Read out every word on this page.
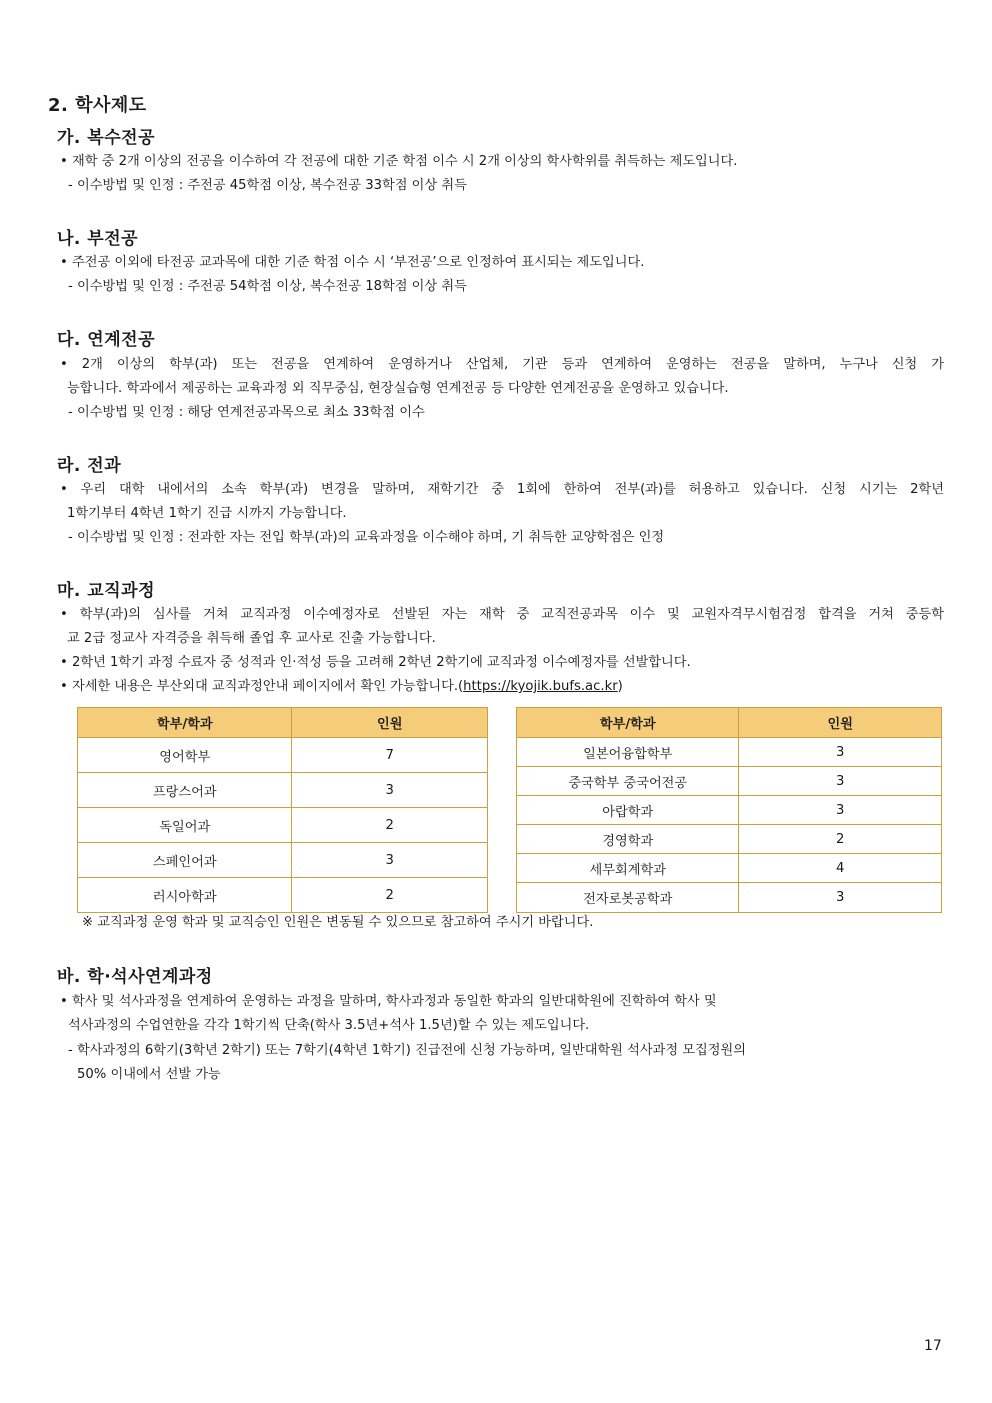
2. 학사제도
가. 복수전공
• 재학 중 2개 이상의 전공을 이수하여 각 전공에 대한 기준 학점 이수 시 2개 이상의 학사학위를 취득하는 제도입니다.
- 이수방법 및 인정 : 주전공 45학점 이상, 복수전공 33학점 이상 취득
나. 부전공
• 주전공 이외에 타전공 교과목에 대한 기준 학점 이수 시 ‘부전공’으로 인정하여 표시되는 제도입니다.
- 이수방법 및 인정 : 주전공 54학점 이상, 복수전공 18학점 이상 취득
다. 연계전공
• 2개 이상의 학부(과) 또는 전공을 연계하여 운영하거나 산업체, 기관 등과 연계하여 운영하는 전공을 말하며, 누구나 신청 가
능합니다. 학과에서 제공하는 교육과정 외 직무중심, 현장실습형 연계전공 등 다양한 연계전공을 운영하고 있습니다.
- 이수방법 및 인정 : 해당 연계전공과목으로 최소 33학점 이수
라. 전과
• 우리 대학 내에서의 소속 학부(과) 변경을 말하며, 재학기간 중 1회에 한하여 전부(과)를 허용하고 있습니다. 신청 시기는 2학년
1학기부터 4학년 1학기 진급 시까지 가능합니다.
- 이수방법 및 인정 : 전과한 자는 전입 학부(과)의 교육과정을 이수해야 하며, 기 취득한 교양학점은 인정
마. 교직과정
• 학부(과)의 심사를 거쳐 교직과정 이수예정자로 선발된 자는 재학 중 교직전공과목 이수 및 교원자격무시험검정 합격을 거쳐 중등학
교 2급 정교사 자격증을 취득해 졸업 후 교사로 진출 가능합니다.
• 2학년 1학기 과정 수료자 중 성적과 인·적성 등을 고려해 2학년 2학기에 교직과정 이수예정자를 선발합니다.
• 자세한 내용은 부산외대 교직과정안내 페이지에서 확인 가능합니다.(https://kyojik.bufs.ac.kr)
학부/학과	인원
영어학부	7
프랑스어과	3
독일어과	2
스페인어과	3
러시아학과	2
학부/학과	인원
일본어융합학부	3
중국학부 중국어전공	3
아랍학과	3
경영학과	2
세무회계학과	4
전자로봇공학과	3
※ 교직과정 운영 학과 및 교직승인 인원은 변동될 수 있으므로 참고하여 주시기 바랍니다.
바. 학·석사연계과정
• 학사 및 석사과정을 연계하여 운영하는 과정을 말하며, 학사과정과 동일한 학과의 일반대학원에 진학하여 학사 및
석사과정의 수업연한을 각각 1학기씩 단축(학사 3.5년+석사 1.5년)할 수 있는 제도입니다.
- 학사과정의 6학기(3학년 2학기) 또는 7학기(4학년 1학기) 진급전에 신청 가능하며, 일반대학원 석사과정 모집정원의
50% 이내에서 선발 가능
17
